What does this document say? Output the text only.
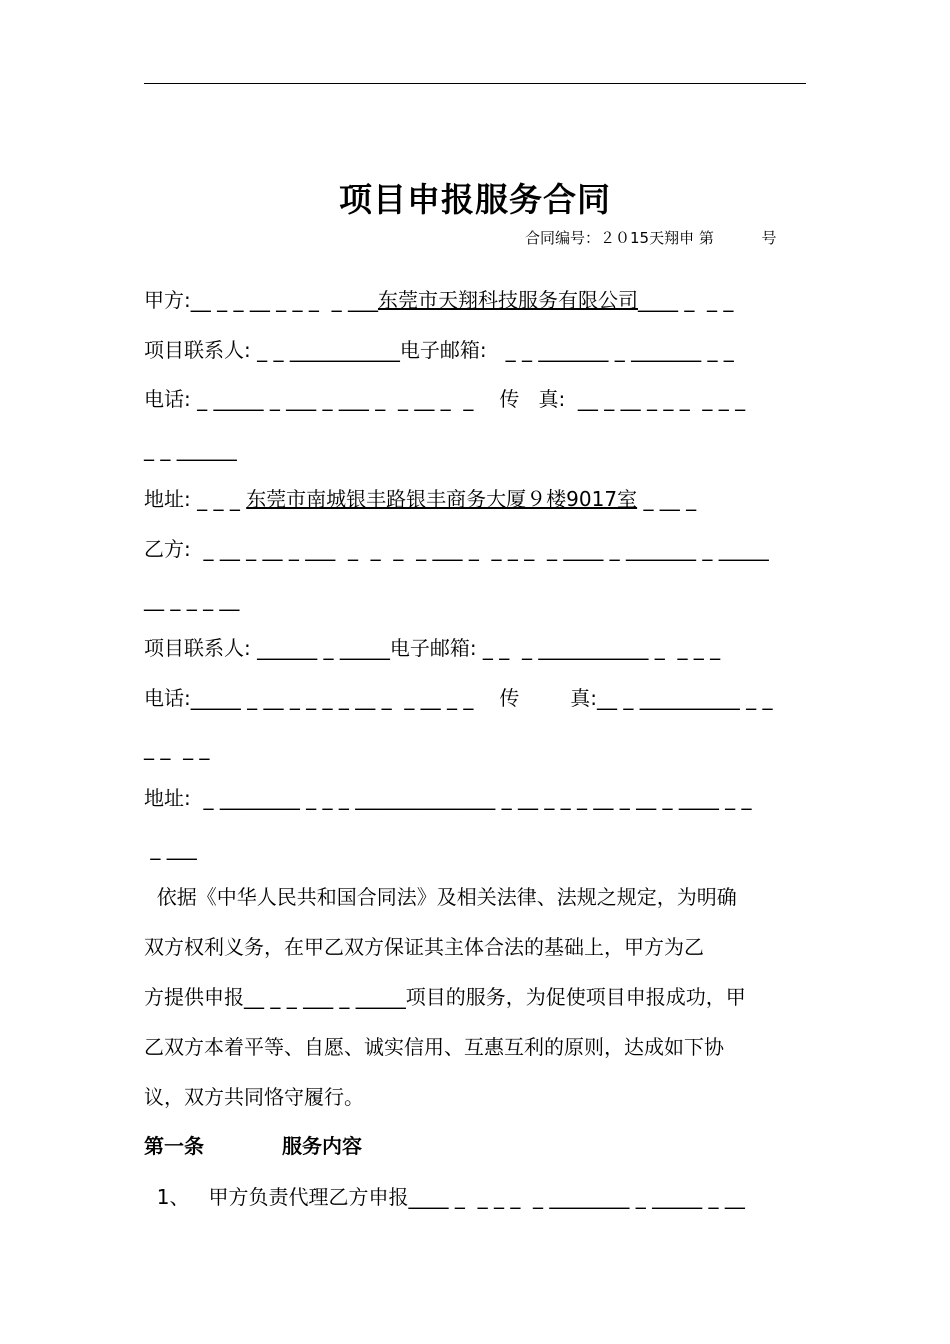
项目申报服务合同
合同编号：２０15天翔申 第          号
甲方:__ _ _ __ _ _ _  _ ___东莞市天翔科技服务有限公司____ _  _ _
项目联系人: _ _ ___________电子邮箱:   _ _ _______ _ _______ _ _
电话: _ _____ _ ___ _ ___ _  _ __ _  _ 传   真:  __ _ __ _ _ _  _ _ _
_ _ ______
地址: _ _ _ 东莞市南城银丰路银丰商务大厦９楼9017室 _ __ _
乙方:  _ __ _ __ _ ___  _  _  _  _ ___ _  _ _ _  _ ____ _ _______ _ _____
__ _ _ _ __
项目联系人: ______ _ _____电子邮箱: _ _  _ ___________ _  _ _ _
电话:_____ _ __ _ _ _ _ __ _  _ __ _ _ 传        真:__ _ __________ _ _
_ _  _ _
地址:  _ ________ _ _ _ ______________ _ __ _ _ _ __ _ __ _ ____ _ _
_ ___
依据《中华人民共和国合同法》及相关法律、法规之规定，为明确
双方权利义务，在甲乙双方保证其主体合法的基础上，甲方为乙
方提供申报__ _ _ ___ _ _____项目的服务，为促使项目申报成功，甲
乙双方本着平等、自愿、诚实信用、互惠互利的原则，达成如下协
议，双方共同恪守履行。
第一条	服务内容
1、   甲方负责代理乙方申报____ _  _ _ _  _ ________ _ _____ _ __
